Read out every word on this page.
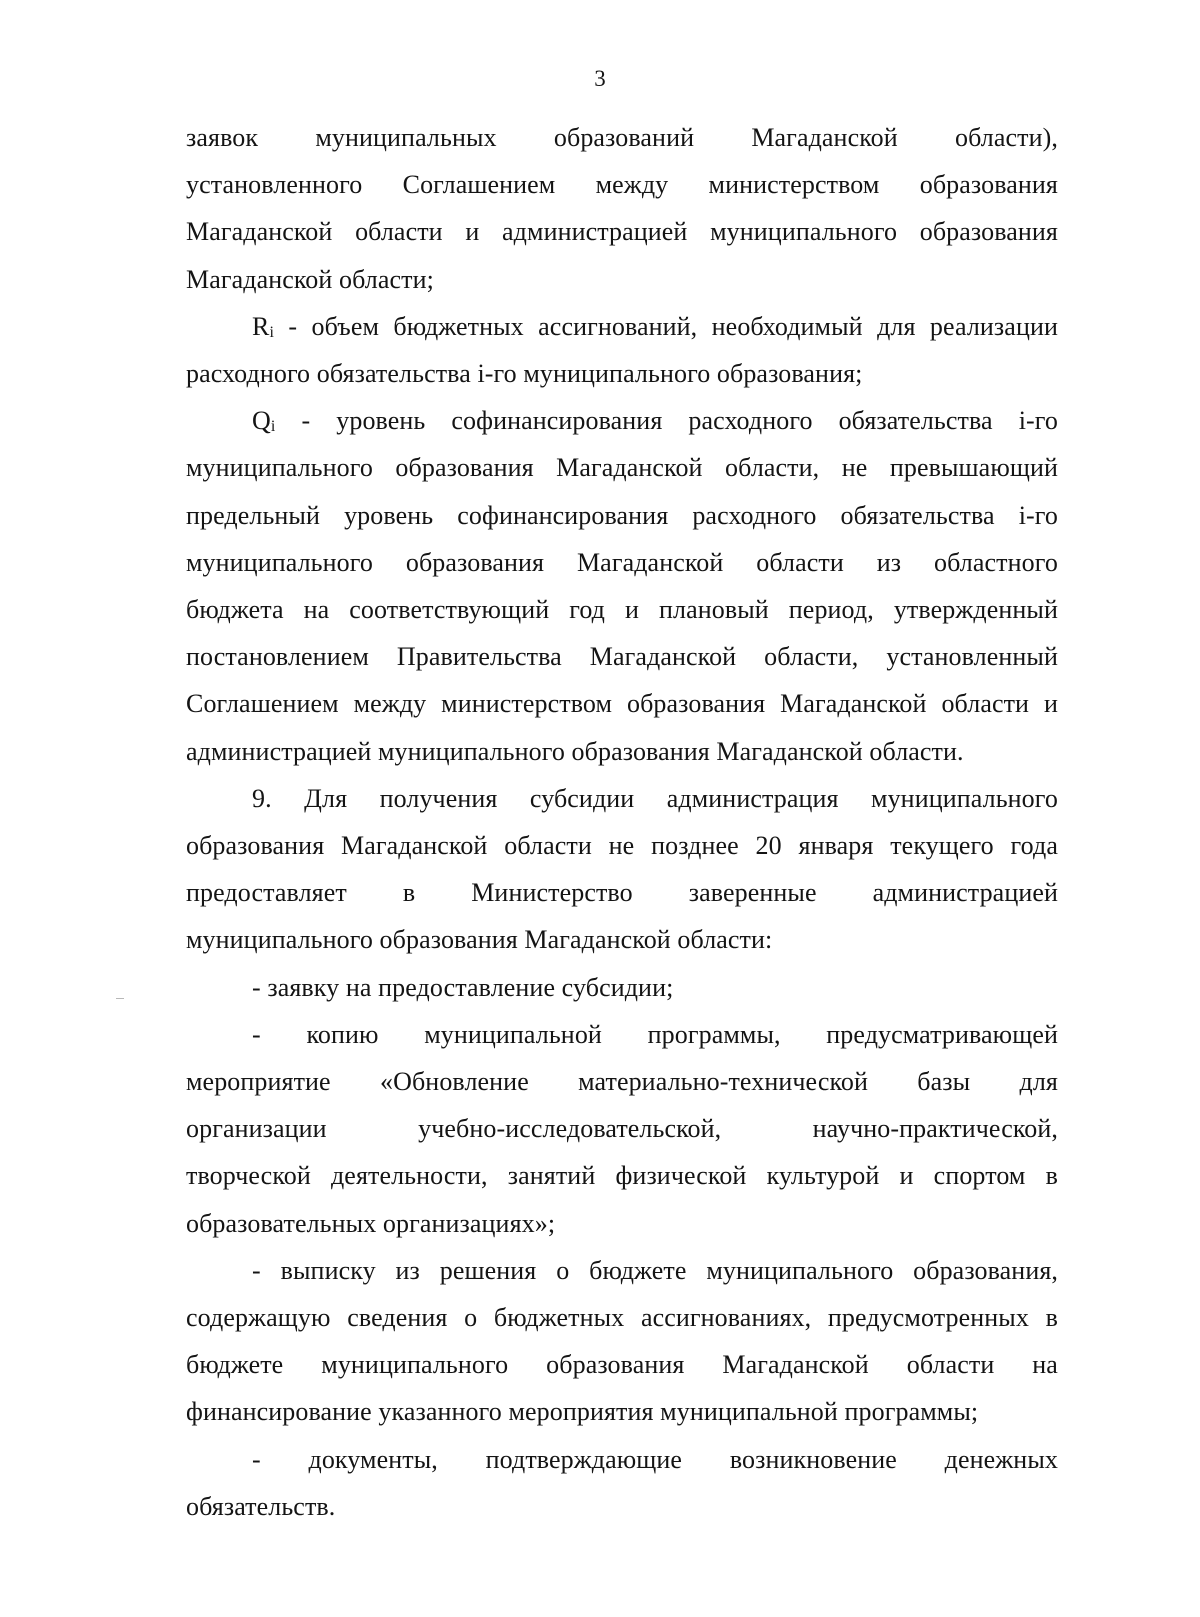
3
заявок муниципальных образований Магаданской области),
установленного Соглашением между министерством образования
Магаданской области и администрацией муниципального образования
Магаданской области;
Ri - объем бюджетных ассигнований, необходимый для реализации
расходного обязательства i-го муниципального образования;
Qi - уровень софинансирования расходного обязательства i-го
муниципального образования Магаданской области, не превышающий
предельный уровень софинансирования расходного обязательства i-го
муниципального образования Магаданской области из областного
бюджета на соответствующий год и плановый период, утвержденный
постановлением Правительства Магаданской области, установленный
Соглашением между министерством образования Магаданской области и
администрацией муниципального образования Магаданской области.
9. Для получения субсидии администрация муниципального
образования Магаданской области не позднее 20 января текущего года
предоставляет в Министерство заверенные администрацией
муниципального образования Магаданской области:
- заявку на предоставление субсидии;
- копию муниципальной программы, предусматривающей
мероприятие «Обновление материально-технической базы для
организации	учебно-исследовательской,	научно-практической,
творческой деятельности, занятий физической культурой и спортом в
образовательных организациях»;
- выписку из решения о бюджете муниципального образования,
содержащую сведения о бюджетных ассигнованиях, предусмотренных в
бюджете муниципального образования Магаданской области на
финансирование указанного мероприятия муниципальной программы;
- документы, подтверждающие возникновение денежных
обязательств.
